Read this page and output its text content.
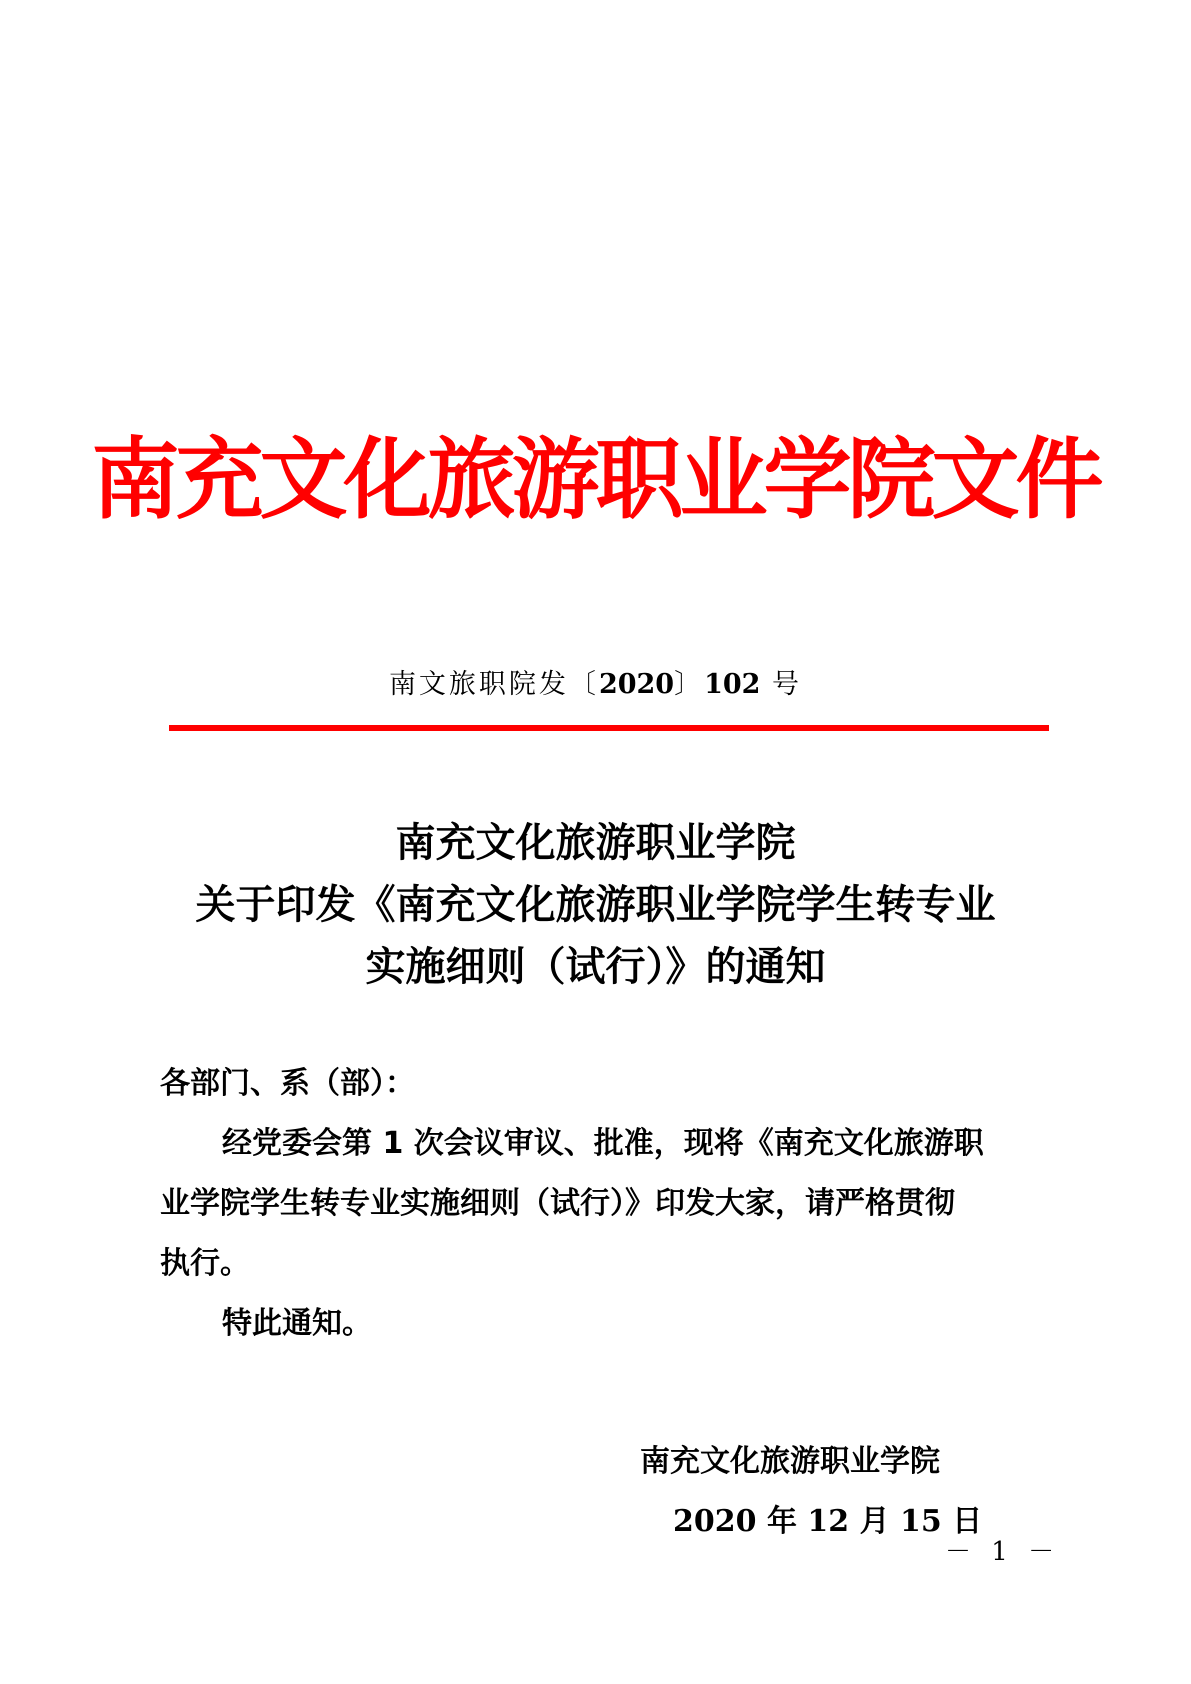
南充文化旅游职业学院文件
南文旅职院发〔2020〕102 号
南充文化旅游职业学院
关于印发《南充文化旅游职业学院学生转专业
实施细则（试行）》的通知
各部门、系（部）：
经党委会第 1 次会议审议、批准，现将《南充文化旅游职
业学院学生转专业实施细则（试行）》印发大家，请严格贯彻
执行。
特此通知。
南充文化旅游职业学院
2020 年 12 月 15 日
－ 1 －
